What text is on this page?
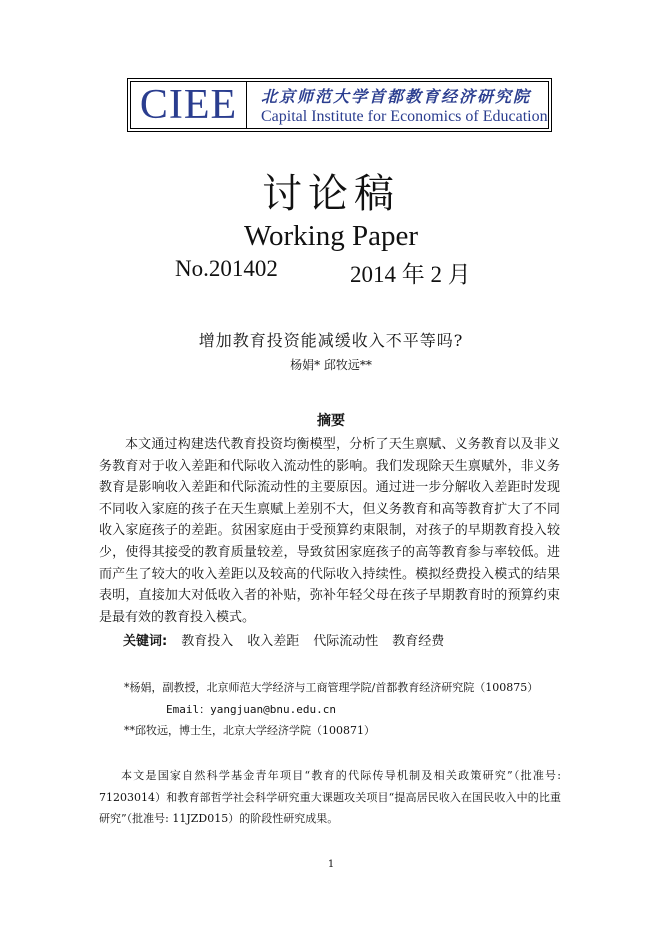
CIEE	北京师范大学首都教育经济研究院
Capital Institute for Economics of Education
讨论稿
Working Paper
No.201402	2014 年 2 月
增加教育投资能减缓收入不平等吗?
杨娟* 邱牧远**
摘要

本文通过构建迭代教育投资均衡模型，分析了天生禀赋、义务教育以及非义务教育对于收入差距和代际收入流动性的影响。我们发现除天生禀赋外，非义务教育是影响收入差距和代际流动性的主要原因。通过进一步分解收入差距时发现不同收入家庭的孩子在天生禀赋上差别不大，但义务教育和高等教育扩大了不同收入家庭孩子的差距。贫困家庭由于受预算约束限制，对孩子的早期教育投入较少，使得其接受的教育质量较差，导致贫困家庭孩子的高等教育参与率较低。进而产生了较大的收入差距以及较高的代际收入持续性。模拟经费投入模式的结果表明，直接加大对低收入者的补贴，弥补年轻父母在孩子早期教育时的预算约束是最有效的教育投入模式。

关键词: 教育投入 收入差距 代际流动性 教育经费
*杨娟，副教授，北京师范大学经济与工商管理学院/首都教育经济研究院（100875）
Email：yangjuan@bnu.edu.cn
**邱牧远，博士生，北京大学经济学院（100871）

本文是国家自然科学基金青年项目“教育的代际传导机制及相关政策研究”（批准号: 71203014）和教育部哲学社会科学研究重大课题攻关项目“提高居民收入在国民收入中的比重研究”（批准号: 11JZD015）的阶段性研究成果。

1
